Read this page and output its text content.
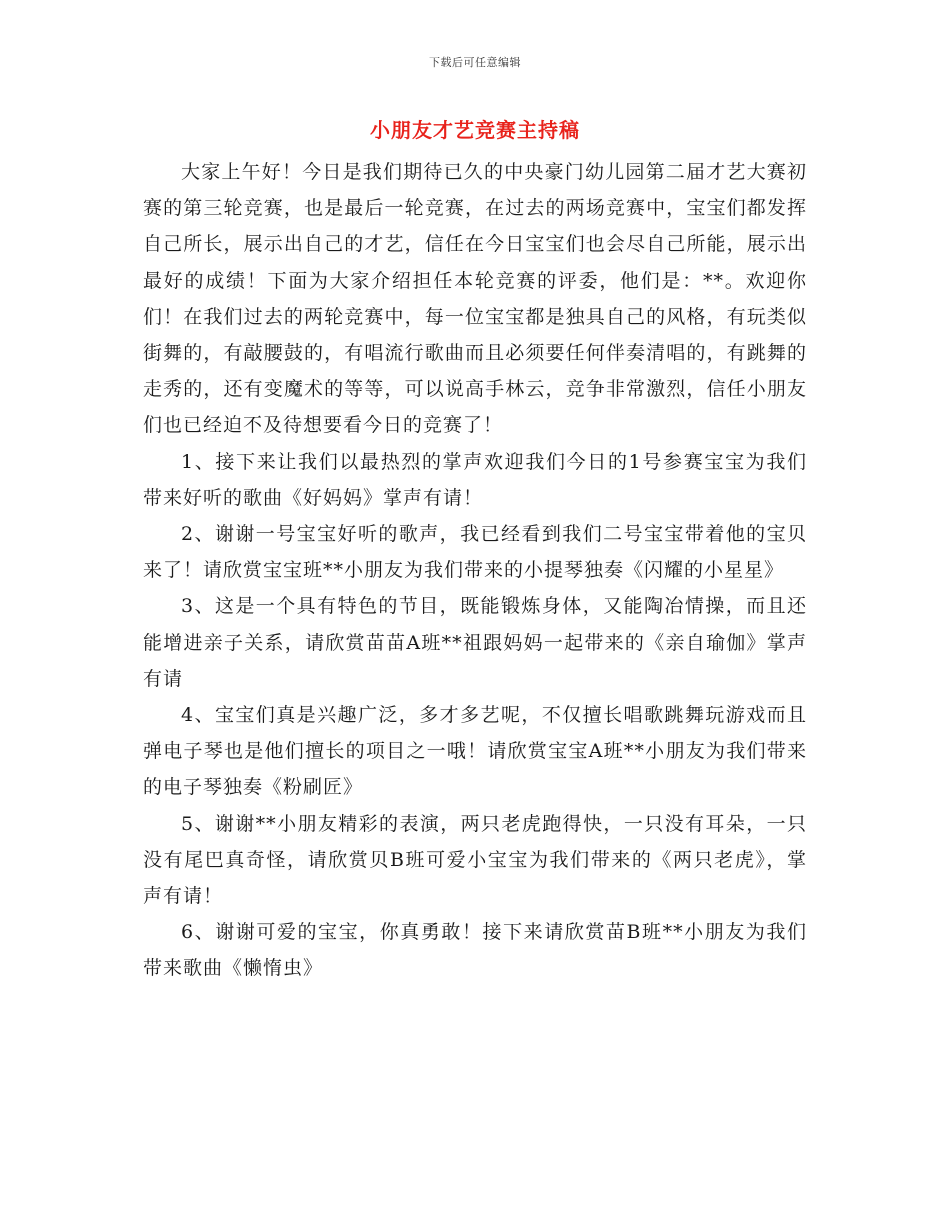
下载后可任意编辑
小朋友才艺竞赛主持稿

大家上午好！今日是我们期待已久的中央豪门幼儿园第二届才艺大赛初赛的第三轮竞赛，也是最后一轮竞赛，在过去的两场竞赛中，宝宝们都发挥自己所长，展示出自己的才艺，信任在今日宝宝们也会尽自己所能，展示出最好的成绩！下面为大家介绍担任本轮竞赛的评委，他们是：**。欢迎你们！在我们过去的两轮竞赛中，每一位宝宝都是独具自己的风格，有玩类似街舞的，有敲腰鼓的，有唱流行歌曲而且必须要任何伴奏清唱的，有跳舞的走秀的，还有变魔术的等等，可以说高手林云，竞争非常激烈，信任小朋友们也已经迫不及待想要看今日的竞赛了！

1、接下来让我们以最热烈的掌声欢迎我们今日的1号参赛宝宝为我们带来好听的歌曲《好妈妈》掌声有请！

2、谢谢一号宝宝好听的歌声，我已经看到我们二号宝宝带着他的宝贝来了！请欣赏宝宝班**小朋友为我们带来的小提琴独奏《闪耀的小星星》

3、这是一个具有特色的节目，既能锻炼身体，又能陶冶情操，而且还能增进亲子关系，请欣赏苗苗A班**祖跟妈妈一起带来的《亲自瑜伽》掌声有请

4、宝宝们真是兴趣广泛，多才多艺呢，不仅擅长唱歌跳舞玩游戏而且弹电子琴也是他们擅长的项目之一哦！请欣赏宝宝A班**小朋友为我们带来的电子琴独奏《粉刷匠》

5、谢谢**小朋友精彩的表演，两只老虎跑得快，一只没有耳朵，一只没有尾巴真奇怪，请欣赏贝B班可爱小宝宝为我们带来的《两只老虎》，掌声有请！

6、谢谢可爱的宝宝，你真勇敢！接下来请欣赏苗B班**小朋友为我们带来歌曲《懒惰虫》
